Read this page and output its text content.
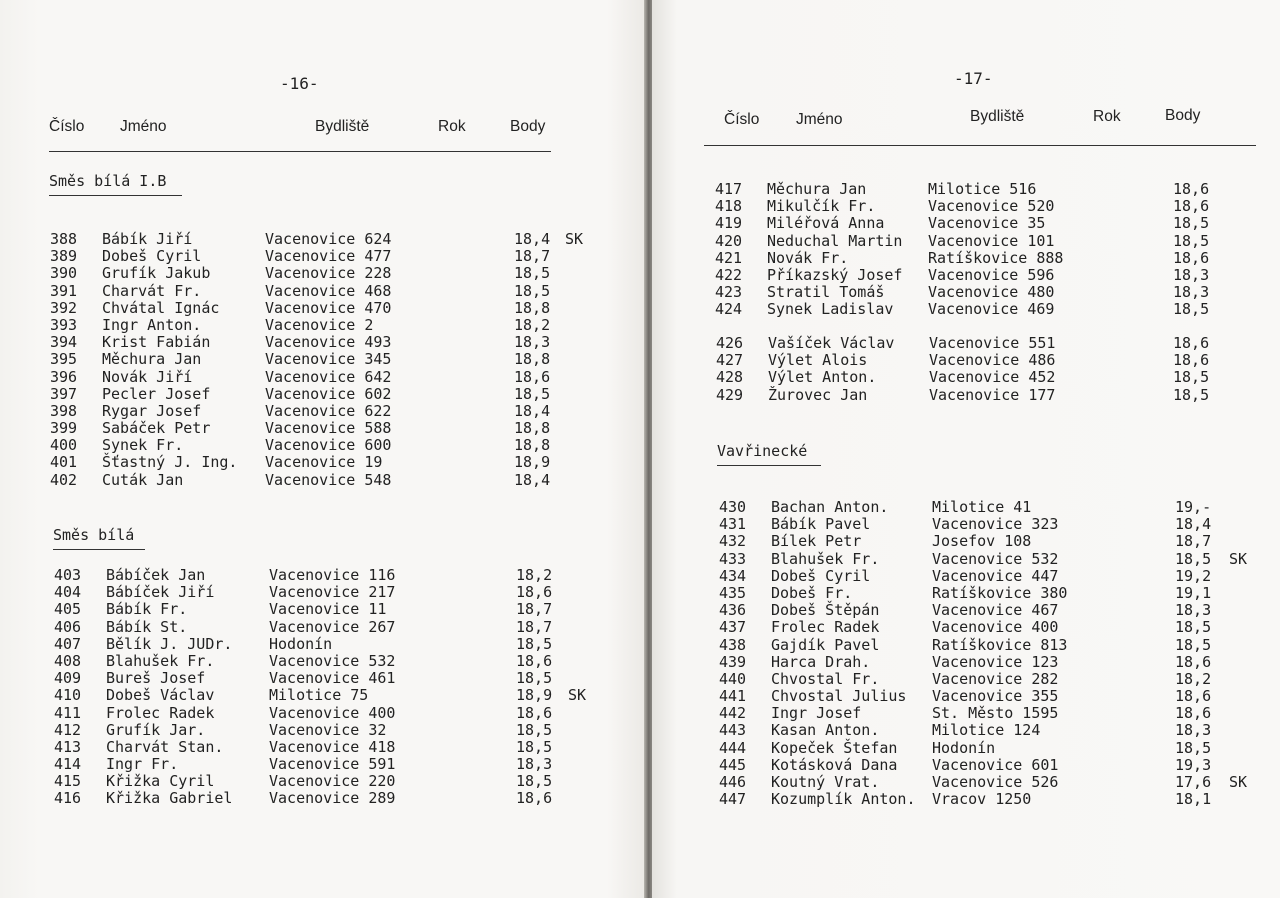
-16-
Číslo Jméno	Bydliště	Rok	Body
Směs bílá I.B
388 Bábík Jiří	Vacenovice 624	18,4 SK
389 Dobeš Cyril	Vacenovice 477	18,7
390 Grufík Jakub	Vacenovice 228	18,5
391 Charvát Fr.	Vacenovice 468	18,5
392 Chvátal Ignác	Vacenovice 470	18,8
393 Ingr Anton.	Vacenovice 2	18,2
394 Krist Fabián	Vacenovice 493	18,3
395 Měchura Jan	Vacenovice 345	18,8
396 Novák Jiří	Vacenovice 642	18,6
397 Pecler Josef	Vacenovice 602	18,5
398 Rygar Josef	Vacenovice 622	18,4
399 Sabáček Petr	Vacenovice 588	18,8
400 Synek Fr.	Vacenovice 600	18,8
401 Šťastný J. Ing. Vacenovice 19	18,9
402 Cuták Jan	Vacenovice 548	18,4
Směs bílá
403 Bábíček Jan	Vacenovice 116	18,2
404 Bábíček Jiří	Vacenovice 217	18,6
405 Bábík Fr.	Vacenovice 11	18,7
406 Bábík St.	Vacenovice 267	18,7
407 Bělík J. JUDr. Hodonín	18,5
408 Blahušek Fr.	Vacenovice 532	18,6
409 Bureš Josef	Vacenovice 461	18,5
410 Dobeš Václav	Milotice 75	18,9 SK
411 Frolec Radek	Vacenovice 400	18,6
412 Grufík Jar.	Vacenovice 32	18,5
413 Charvát Stan.	Vacenovice 418	18,5
414 Ingr Fr.	Vacenovice 591	18,3
415 Křižka Cyril	Vacenovice 220	18,5
416 Křižka Gabriel Vacenovice 289	18,6
-17-
Číslo Jméno	Bydliště	Rok	Body
417 Měchura Jan	Milotice 516	18,6
418 Mikulčík Fr.	Vacenovice 520	18,6
419 Miléřová Anna	Vacenovice 35	18,5
420 Neduchal Martin Vacenovice 101	18,5
421 Novák Fr.	Ratíškovice 888	18,6
422 Příkazský Josef Vacenovice 596	18,3
423 Stratil Tomáš	Vacenovice 480	18,3
424 Synek Ladislav Vacenovice 469	18,5
426 Vašíček Václav Vacenovice 551	18,6
427 Výlet Alois	Vacenovice 486	18,6
428 Výlet Anton.	Vacenovice 452	18,5
429 Žurovec Jan	Vacenovice 177	18,5
Vavřinecké
430 Bachan Anton.	Milotice 41	19,-
431 Bábík Pavel	Vacenovice 323	18,4
432 Bílek Petr	Josefov 108	18,7
433 Blahušek Fr.	Vacenovice 532	18,5 SK
434 Dobeš Cyril	Vacenovice 447	19,2
435 Dobeš Fr.	Ratíškovice 380	19,1
436 Dobeš Štěpán	Vacenovice 467	18,3
437 Frolec Radek	Vacenovice 400	18,5
438 Gajdík Pavel	Ratíškovice 813	18,5
439 Harca Drah.	Vacenovice 123	18,6
440 Chvostal Fr.	Vacenovice 282	18,2
441 Chvostal Julius Vacenovice 355	18,6
442 Ingr Josef	St. Město 1595	18,6
443 Kasan Anton.	Milotice 124	18,3
444 Kopeček Štefan Hodonín	18,5
445 Kotásková Dana Vacenovice 601	19,3
446 Koutný Vrat.	Vacenovice 526	17,6 SK
447 Kozumplík Anton. Vracov 1250	18,1
